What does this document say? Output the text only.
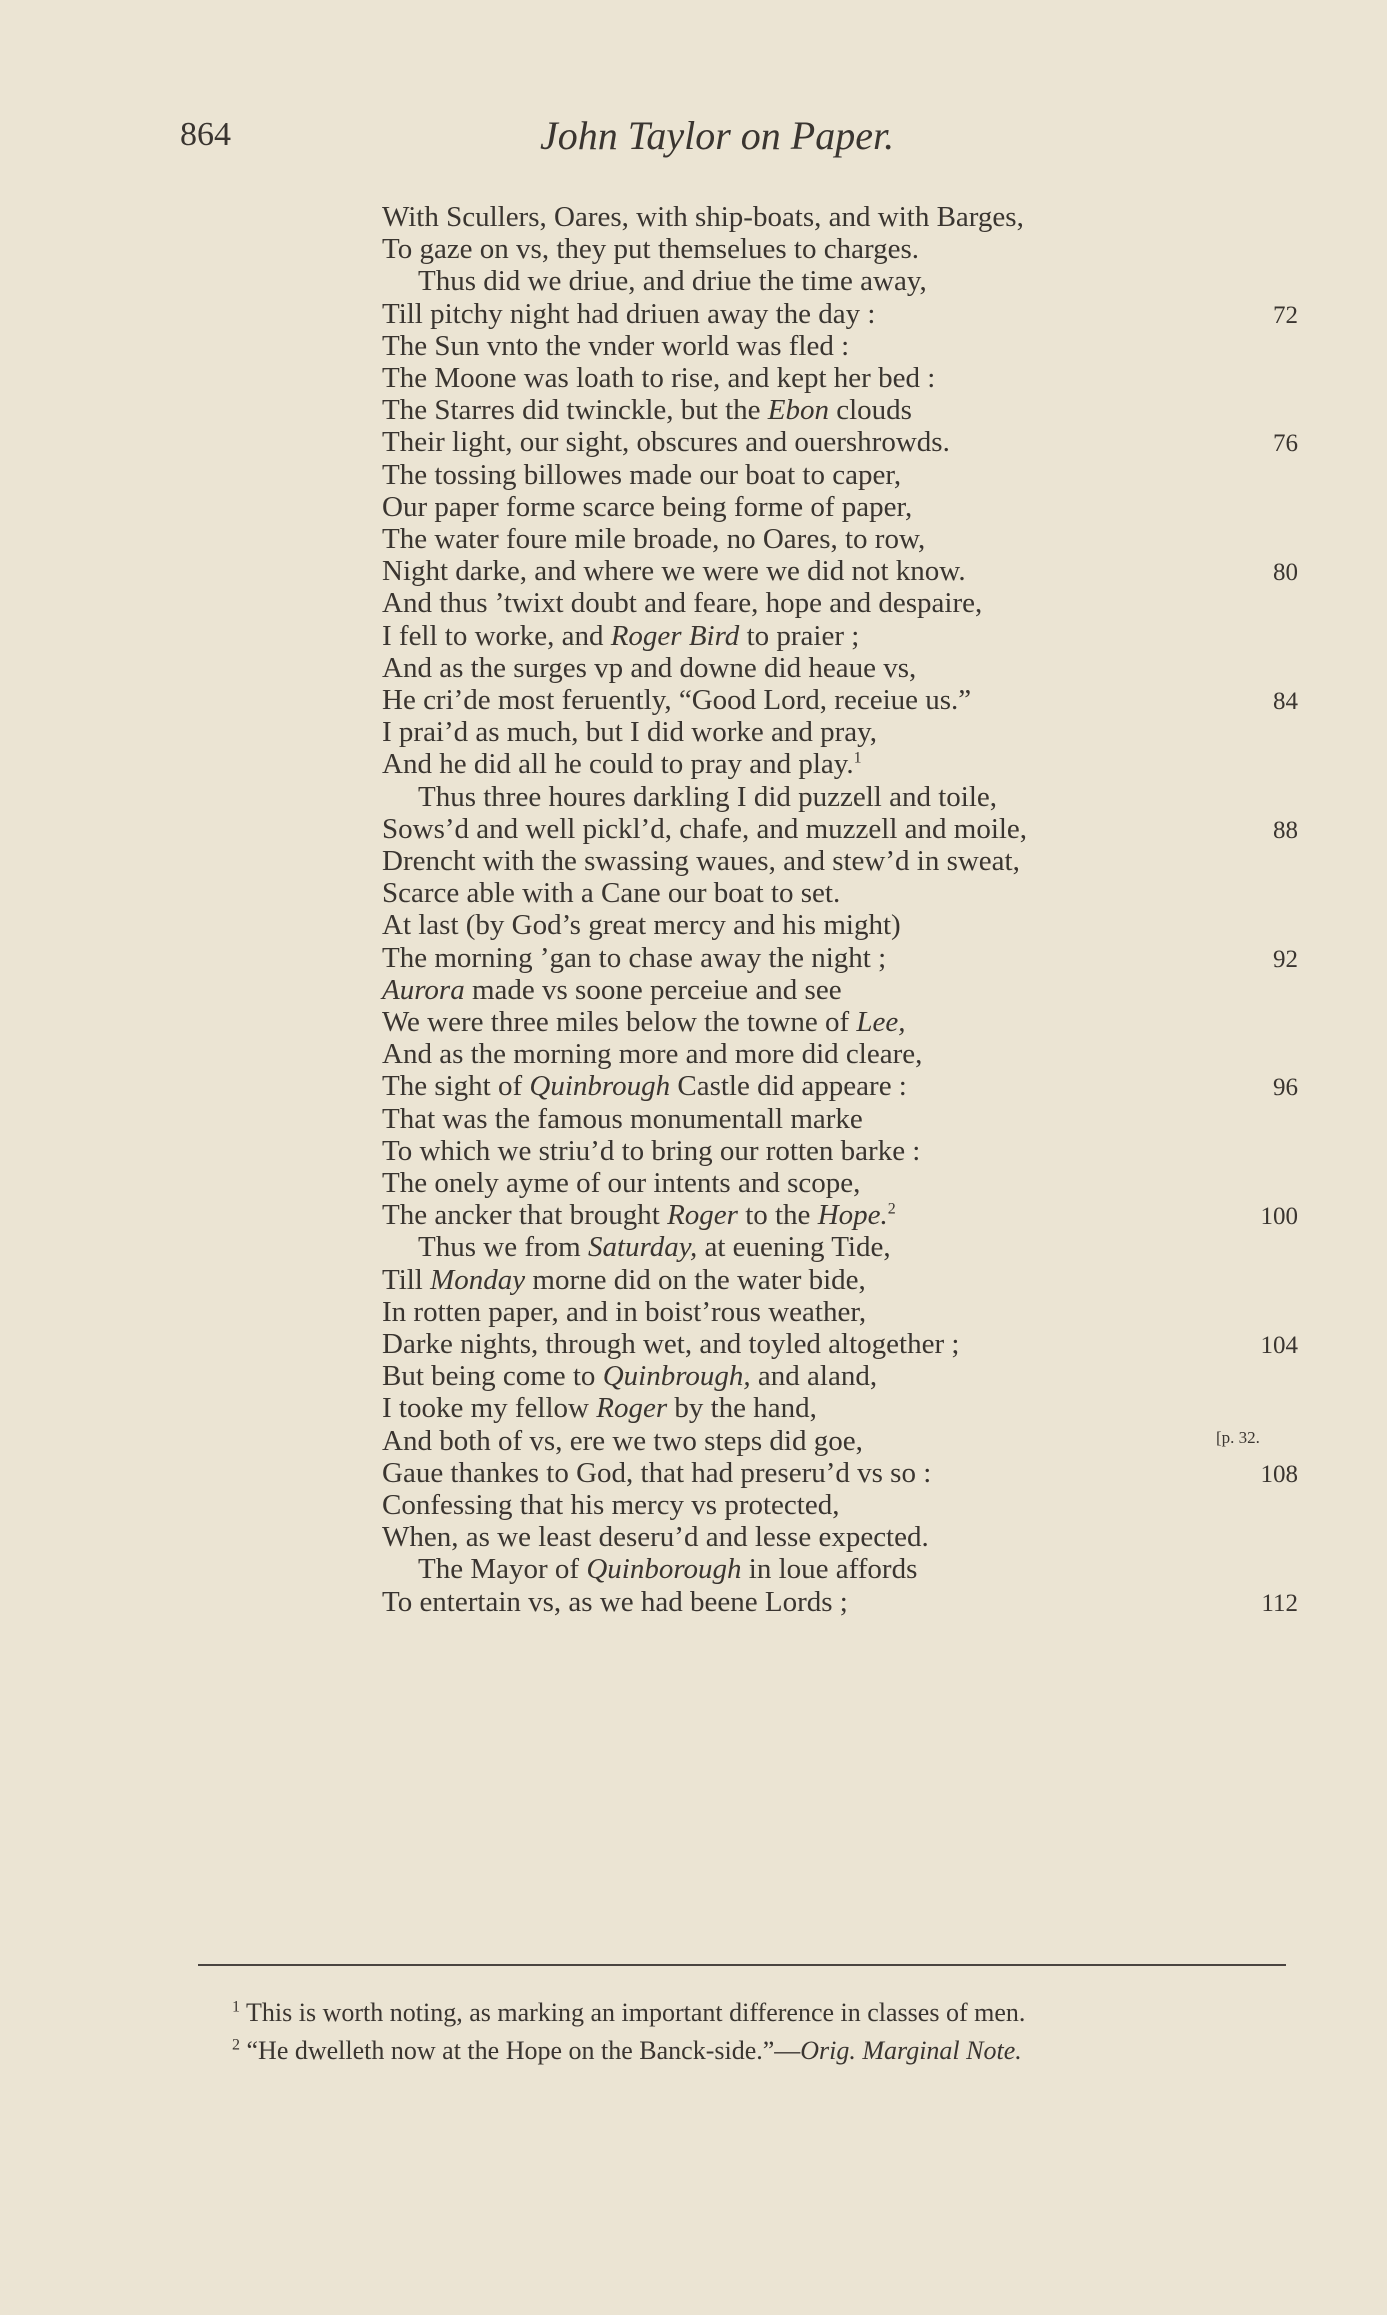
864	John Taylor on Paper.
With Scullers, Oares, with ship-boats, and with Barges,
To gaze on vs, they put themselues to charges.
Thus did we driue, and driue the time away,
Till pitchy night had driuen away the day :	72
The Sun vnto the vnder world was fled :
The Moone was loath to rise, and kept her bed :
The Starres did twinckle, but the Ebon clouds
Their light, our sight, obscures and ouershrowds.	76
The tossing billowes made our boat to caper,
Our paper forme scarce being forme of paper,
The water foure mile broade, no Oares, to row,
Night darke, and where we were we did not know.	80
And thus ’twixt doubt and feare, hope and despaire,
I fell to worke, and Roger Bird to praier ;
And as the surges vp and downe did heaue vs,
He cri’de most feruently, “Good Lord, receiue us.”	84
I prai’d as much, but I did worke and pray,
And he did all he could to pray and play.$^1$
Thus three houres darkling I did puzzell and toile,
Sows’d and well pickl’d, chafe, and muzzell and moile,	88
Drencht with the swassing waues, and stew’d in sweat,
Scarce able with a Cane our boat to set.
At last (by God’s great mercy and his might)
The morning ’gan to chase away the night ;	92
Aurora made vs soone perceiue and see
We were three miles below the towne of Lee,
And as the morning more and more did cleare,
The sight of Quinbrough Castle did appeare :	96
That was the famous monumentall marke
To which we striu’d to bring our rotten barke :
The onely ayme of our intents and scope,
The ancker that brought Roger to the Hope.$^2$	100
Thus we from Saturday, at euening Tide,
Till Monday morne did on the water bide,
In rotten paper, and in boist’rous weather,
Darke nights, through wet, and toyled altogether ;	104
But being come to Quinbrough, and aland,
I tooke my fellow Roger by the hand,
And both of vs, ere we two steps did goe,
Gaue thankes to God, that had preseru’d vs so :	108
Confessing that his mercy vs protected,
When, as we least deseru’d and lesse expected.
The Mayor of Quinborough in loue affords
To entertain vs, as we had beene Lords ;	112
[p. 32.
$^1$ This is worth noting, as marking an important difference in classes of men.
$^2$ “He dwelleth now at the Hope on the Banck-side.”—Orig. Marginal Note.
